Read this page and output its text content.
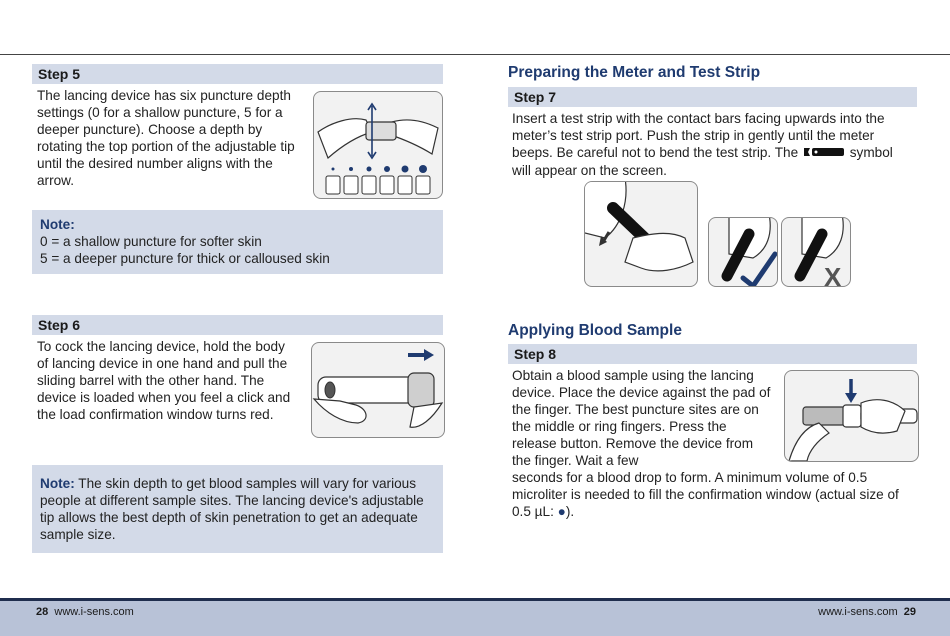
Step 5
The lancing device has six puncture depth settings (0 for a shallow puncture, 5 for a deeper puncture). Choose a depth by rotating the top portion of the adjustable tip until the desired number aligns with the arrow.
Note:
0 = a shallow puncture for softer skin
5 = a deeper puncture for thick or calloused skin
Step 6
To cock the lancing device, hold the body of lancing device in one hand and pull the sliding barrel with the other hand. The device is loaded when you feel a click and the load confirmation window turns red.
Note: The skin depth to get blood samples will vary for various people at different sample sites. The lancing device's adjustable tip allows the best depth of skin penetration to get an adequate sample size.
Preparing the Meter and Test Strip
Step 7
Insert a test strip with the contact bars facing upwards into the meter’s test strip port. Push the strip in gently until the meter beeps. Be careful not to bend the test strip. The	symbol will appear on the screen.
X
Applying Blood Sample
Step 8
Obtain a blood sample using the lancing device. Place the device against the pad of the finger. The best puncture sites are on the middle or ring fingers. Press the release button. Remove the device from the finger. Wait a few
seconds for a blood drop to form. A minimum volume of 0.5 microliter is needed to fill the confirmation window (actual size of 0.5 µL: ●).
28 www.i-sens.com	www.i-sens.com 29
